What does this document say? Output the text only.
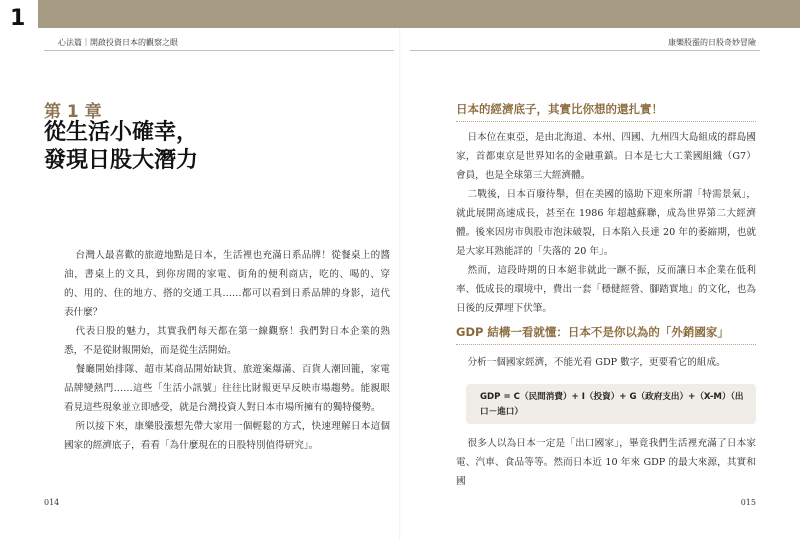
1
心法篇｜開啟投資日本的觀察之眼	康樂股漲的日股奇妙冒險
第 1 章
從生活小確幸，
發現日股大潛力

台灣人最喜歡的旅遊地點是日本，生活裡也充滿日系品牌！從餐桌上的醬油，書桌上的文具，到你房間的家電、街角的便利商店，吃的、喝的、穿的、用的、住的地方、搭的交通工具……都可以看到日系品牌的身影，這代表什麼？

代表日股的魅力，其實我們每天都在第一線觀察！我們對日本企業的熟悉，不是從財報開始，而是從生活開始。

餐廳開始排隊、超市某商品開始缺貨、旅遊案爆滿、百貨人潮回籠，家電品牌變熱門……這些「生活小訊號」往往比財報更早反映市場趨勢。能親眼看見這些現象並立即感受，就是台灣投資人對日本市場所擁有的獨特優勢。

所以接下來，康樂股漲想先帶大家用一個輕鬆的方式，快速理解日本這個國家的經濟底子，看看「為什麼現在的日股特別值得研究」。

日本的經濟底子，其實比你想的還扎實！

日本位在東亞，是由北海道、本州、四國、九州四大島組成的群島國家，首都東京是世界知名的金融重鎮。日本是七大工業國組織（G7）會員，也是全球第三大經濟體。

二戰後，日本百廢待舉，但在美國的協助下迎來所謂「特需景氣」，就此展開高速成長，甚至在 1986 年超越蘇聯，成為世界第二大經濟體。後來因房市與股市泡沫破裂，日本陷入長達 20 年的萎縮期，也就是大家耳熟能詳的「失落的 20 年」。

然而，這段時期的日本絕非就此一蹶不振，反而讓日本企業在低利率、低成長的環境中，費出一套「穩健經營、腳踏實地」的文化，也為日後的反彈埋下伏筆。

GDP 結構一看就懂：日本不是你以為的「外銷國家」

分析一個國家經濟，不能光看 GDP 數字，更要看它的組成。

GDP = C（民間消費）+ I（投資）+ G（政府支出）+（X-M）（出口－進口）

很多人以為日本一定是「出口國家」，畢竟我們生活裡充滿了日本家電、汽車、食品等等。然而日本近 10 年來 GDP 的最大來源，其實和國

014	015
